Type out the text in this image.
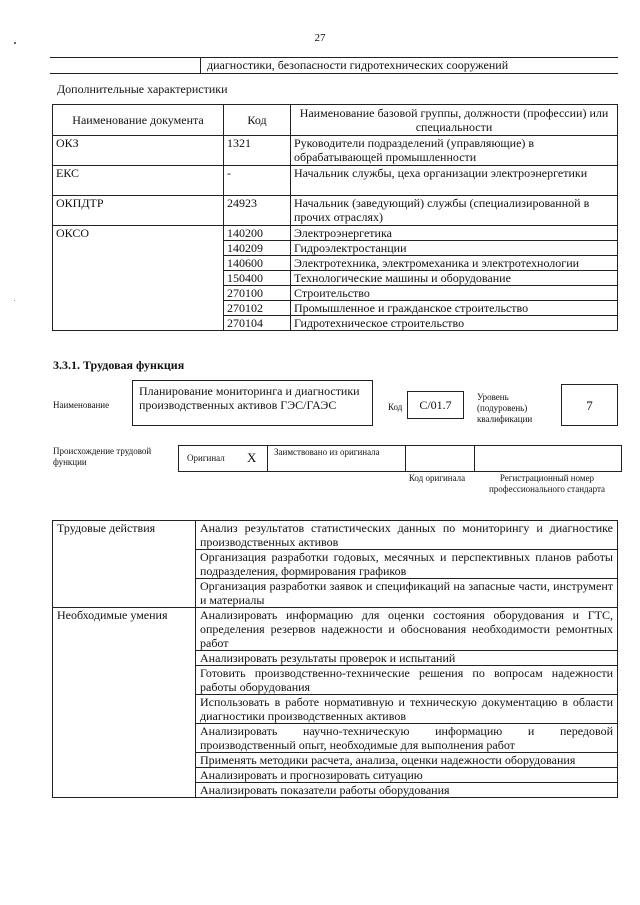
27
диагностики, безопасности гидротехнических сооружений
Дополнительные характеристики
Наименование документа	Код	Наименование базовой группы, должности (профессии) или специальности
ОКЗ	1321	Руководители подразделений (управляющие) в обрабатывающей промышленности
ЕКС	-	Начальник службы, цеха организации электроэнергетики
ОКПДТР	24923	Начальник (заведующий) службы (специализированной в прочих отраслях)
ОКСО	140200	Электроэнергетика
	140209	Гидроэлектростанции
	140600	Электротехника, электромеханика и электротехнологии
	150400	Технологические машины и оборудование
	270100	Строительство
	270102	Промышленное и гражданское строительство
	270104	Гидротехническое строительство
3.3.1. Трудовая функция
Наименование
Планирование мониторинга и диагностики производственных активов ГЭС/ГАЭС	Код	С/01.7
Уровень (подуровень) квалификации
7
Происхождение трудовой функции	Оригинал X Заимствовано из оригинала
Код оригинала	Регистрационный номер профессионального стандарта
Трудовые действия	Анализ результатов статистических данных по мониторингу и диагностике производственных активов
	Организация разработки годовых, месячных и перспективных планов работы подразделения, формирования графиков
	Организация разработки заявок и спецификаций на запасные части, инструмент и материалы
Необходимые умения	Анализировать информацию для оценки состояния оборудования и ГТС, определения резервов надежности и обоснования необходимости ремонтных работ
	Анализировать результаты проверок и испытаний
	Готовить производственно-технические решения по вопросам надежности работы оборудования
	Использовать в работе нормативную и техническую документацию в области диагностики производственных активов
	Анализировать научно-техническую информацию и передовой производственный опыт, необходимые для выполнения работ
	Применять методики расчета, анализа, оценки надежности оборудования
	Анализировать и прогнозировать ситуацию
	Анализировать показатели работы оборудования
